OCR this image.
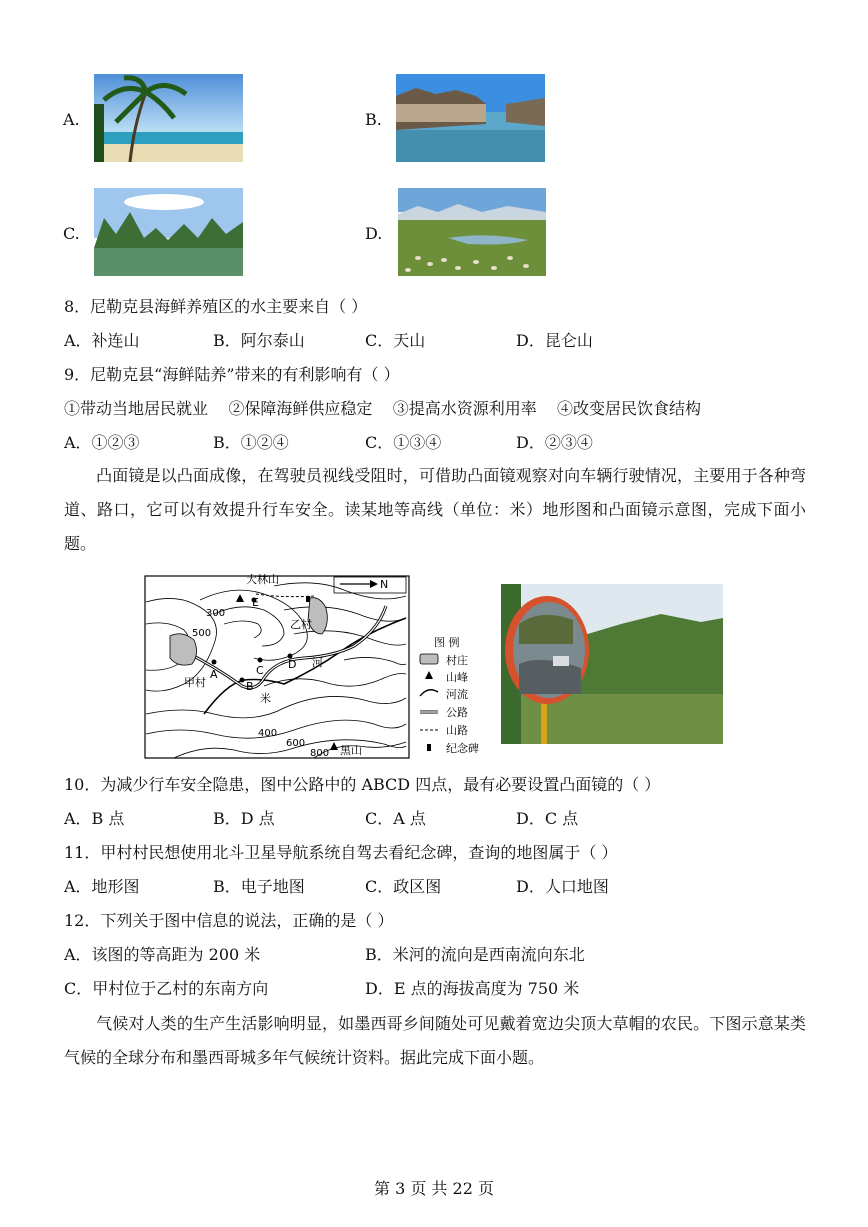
A.	B.
C.	D.
8．尼勒克县海鲜养殖区的水主要来自（ ）
A．补连山	B．阿尔泰山	C．天山	D．昆仑山
9．尼勒克县“海鲜陆养”带来的有利影响有（ ）
①带动当地居民就业    ②保障海鲜供应稳定    ③提高水资源利用率    ④改变居民饮食结构
A．①②③	B．①②④	C．①③④	D．②③④
凸面镜是以凸面成像，在驾驶员视线受阻时，可借助凸面镜观察对向车辆行驶情况，主要用于各种弯道、路口，它可以有效提升行车安全。读某地等高线（单位：米）地形图和凸面镜示意图，完成下面小题。
大林山	N
E
300
500
乙村
河
A
B
C D
甲村
米
400
600
800 黑山
图 例
村庄
山峰
河流
公路
山路
纪念碑
10．为减少行车安全隐患，图中公路中的 ABCD 四点，最有必要设置凸面镜的（ ）
A．B 点	B．D 点	C．A 点	D．C 点
11．甲村村民想使用北斗卫星导航系统自驾去看纪念碑，查询的地图属于（ ）
A．地形图	B．电子地图	C．政区图	D．人口地图
12．下列关于图中信息的说法，正确的是（ ）
A．该图的等高距为 200 米	B．米河的流向是西南流向东北
C．甲村位于乙村的东南方向	D．E 点的海拔高度为 750 米
气候对人类的生产生活影响明显，如墨西哥乡间随处可见戴着宽边尖顶大草帽的农民。下图示意某类气候的全球分布和墨西哥城多年气候统计资料。据此完成下面小题。
第 3 页 共 22 页
